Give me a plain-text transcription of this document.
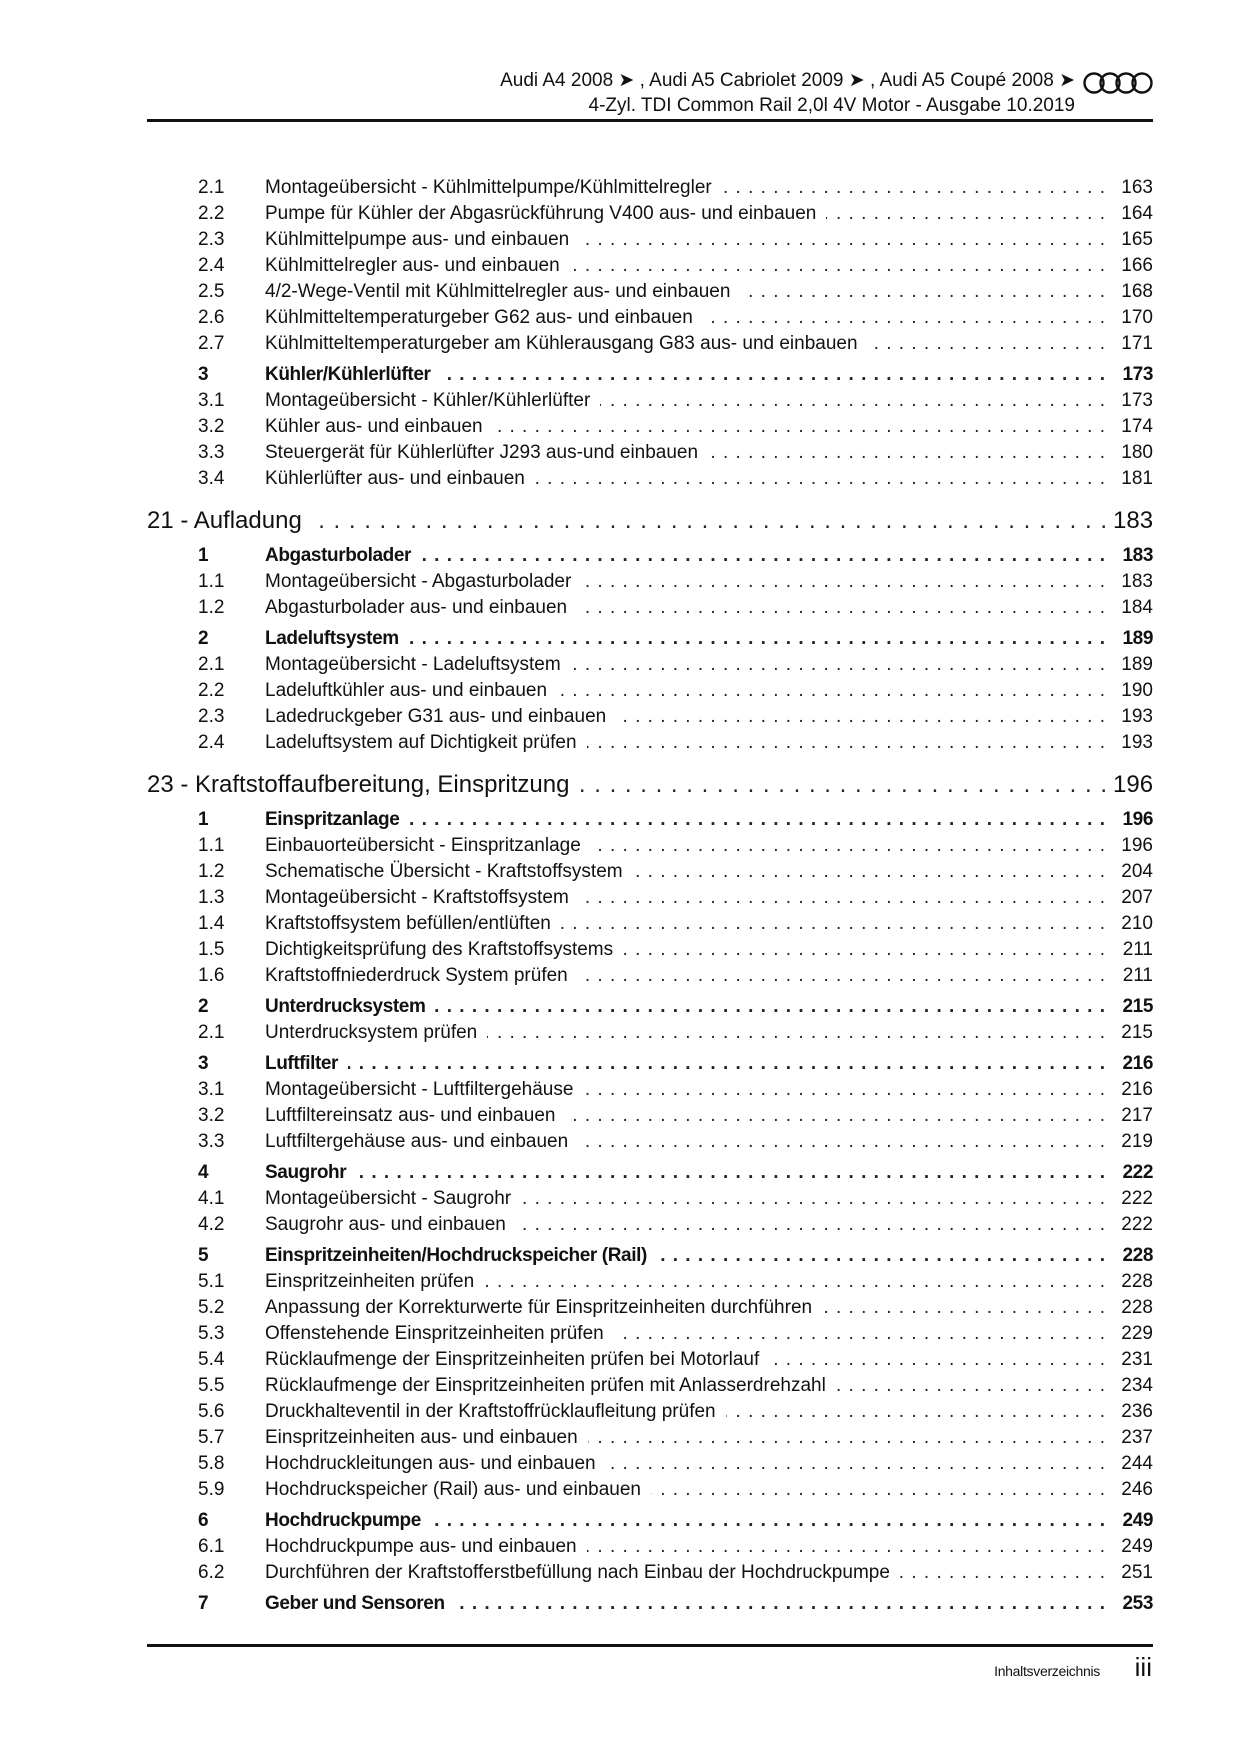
Audi A4 2008 ➤ , Audi A5 Cabriolet 2009 ➤ , Audi A5 Coupé 2008 ➤
4-Zyl. TDI Common Rail 2,0l 4V Motor - Ausgabe 10.2019
2.1	Montageübersicht - Kühlmittelpumpe/Kühlmittelregler . . .	163
2.2	Pumpe für Kühler der Abgasrückführung V400 aus- und einbauen . . .	164
2.3	Kühlmittelpumpe aus- und einbauen . . .	165
2.4	Kühlmittelregler aus- und einbauen . . .	166
2.5	4/2-Wege-Ventil mit Kühlmittelregler aus- und einbauen . . .	168
2.6	Kühlmitteltemperaturgeber G62 aus- und einbauen . . .	170
2.7	Kühlmitteltemperaturgeber am Kühlerausgang G83 aus- und einbauen . . .	171
3	Kühler/Kühlerlüfter . . .	173
3.1	Montageübersicht - Kühler/Kühlerlüfter . . .	173
3.2	Kühler aus- und einbauen . . .	174
3.3	Steuergerät für Kühlerlüfter J293 aus-und einbauen . . .	180
3.4	Kühlerlüfter aus- und einbauen . . .	181
21 - Aufladung . . .	183
1	Abgasturbolader . . .	183
1.1	Montageübersicht - Abgasturbolader . . .	183
1.2	Abgasturbolader aus- und einbauen . . .	184
2	Ladeluftsystem . . .	189
2.1	Montageübersicht - Ladeluftsystem . . .	189
2.2	Ladeluftkühler aus- und einbauen . . .	190
2.3	Ladedruckgeber G31 aus- und einbauen . . .	193
2.4	Ladeluftsystem auf Dichtigkeit prüfen . . .	193
23 - Kraftstoffaufbereitung, Einspritzung . . .	196
1	Einspritzanlage . . .	196
1.1	Einbauorteübersicht - Einspritzanlage . . .	196
1.2	Schematische Übersicht - Kraftstoffsystem . . .	204
1.3	Montageübersicht - Kraftstoffsystem . . .	207
1.4	Kraftstoffsystem befüllen/entlüften . . .	210
1.5	Dichtigkeitsprüfung des Kraftstoffsystems . . .	211
1.6	Kraftstoffniederdruck System prüfen . . .	211
2	Unterdrucksystem . . .	215
2.1	Unterdrucksystem prüfen . . .	215
3	Luftfilter . . .	216
3.1	Montageübersicht - Luftfiltergehäuse . . .	216
3.2	Luftfiltereinsatz aus- und einbauen . . .	217
3.3	Luftfiltergehäuse aus- und einbauen . . .	219
4	Saugrohr . . .	222
4.1	Montageübersicht - Saugrohr . . .	222
4.2	Saugrohr aus- und einbauen . . .	222
5	Einspritzeinheiten/Hochdruckspeicher (Rail) . . .	228
5.1	Einspritzeinheiten prüfen . . .	228
5.2	Anpassung der Korrekturwerte für Einspritzeinheiten durchführen . . .	228
5.3	Offenstehende Einspritzeinheiten prüfen . . .	229
5.4	Rücklaufmenge der Einspritzeinheiten prüfen bei Motorlauf . . .	231
5.5	Rücklaufmenge der Einspritzeinheiten prüfen mit Anlasserdrehzahl . . .	234
5.6	Druckhalteventil in der Kraftstoffrücklaufleitung prüfen . . .	236
5.7	Einspritzeinheiten aus- und einbauen . . .	237
5.8	Hochdruckleitungen aus- und einbauen . . .	244
5.9	Hochdruckspeicher (Rail) aus- und einbauen . . .	246
6	Hochdruckpumpe . . .	249
6.1	Hochdruckpumpe aus- und einbauen . . .	249
6.2	Durchführen der Kraftstofferstbefüllung nach Einbau der Hochdruckpumpe . . .	251
7	Geber und Sensoren . . .	253
Inhaltsverzeichnis iii
